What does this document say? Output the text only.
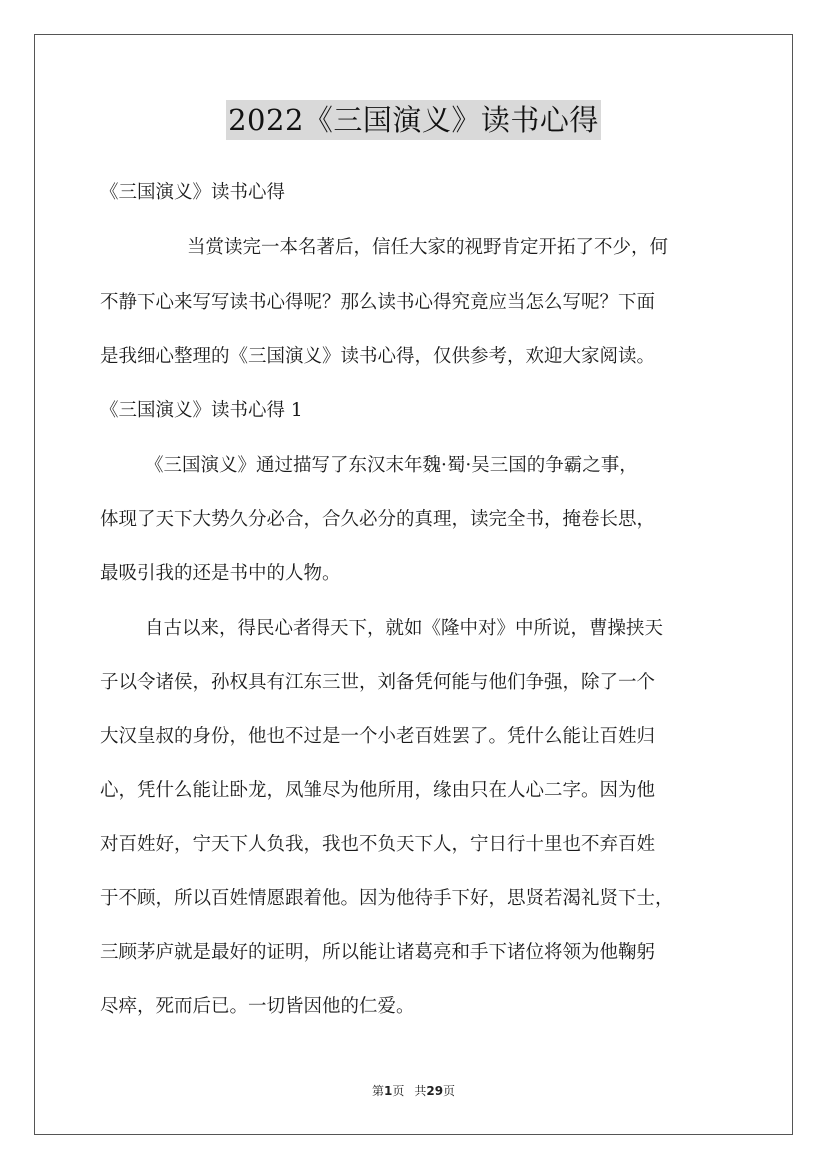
2022《三国演义》读书心得
《三国演义》读书心得
当赏读完一本名著后，信任大家的视野肯定开拓了不少，何
不静下心来写写读书心得呢？那么读书心得究竟应当怎么写呢？下面
是我细心整理的《三国演义》读书心得，仅供参考，欢迎大家阅读。
《三国演义》读书心得 1
《三国演义》通过描写了东汉末年魏·蜀·吴三国的争霸之事，
体现了天下大势久分必合，合久必分的真理，读完全书，掩卷长思，
最吸引我的还是书中的人物。
自古以来，得民心者得天下，就如《隆中对》中所说，曹操挟天
子以令诸侯，孙权具有江东三世，刘备凭何能与他们争强，除了一个
大汉皇叔的身份，他也不过是一个小老百姓罢了。凭什么能让百姓归
心，凭什么能让卧龙，凤雏尽为他所用，缘由只在人心二字。因为他
对百姓好，宁天下人负我，我也不负天下人，宁日行十里也不弃百姓
于不顾，所以百姓情愿跟着他。因为他待手下好，思贤若渴礼贤下士，
三顾茅庐就是最好的证明，所以能让诸葛亮和手下诸位将领为他鞠躬
尽瘁，死而后已。一切皆因他的仁爱。
第1页 共29页
